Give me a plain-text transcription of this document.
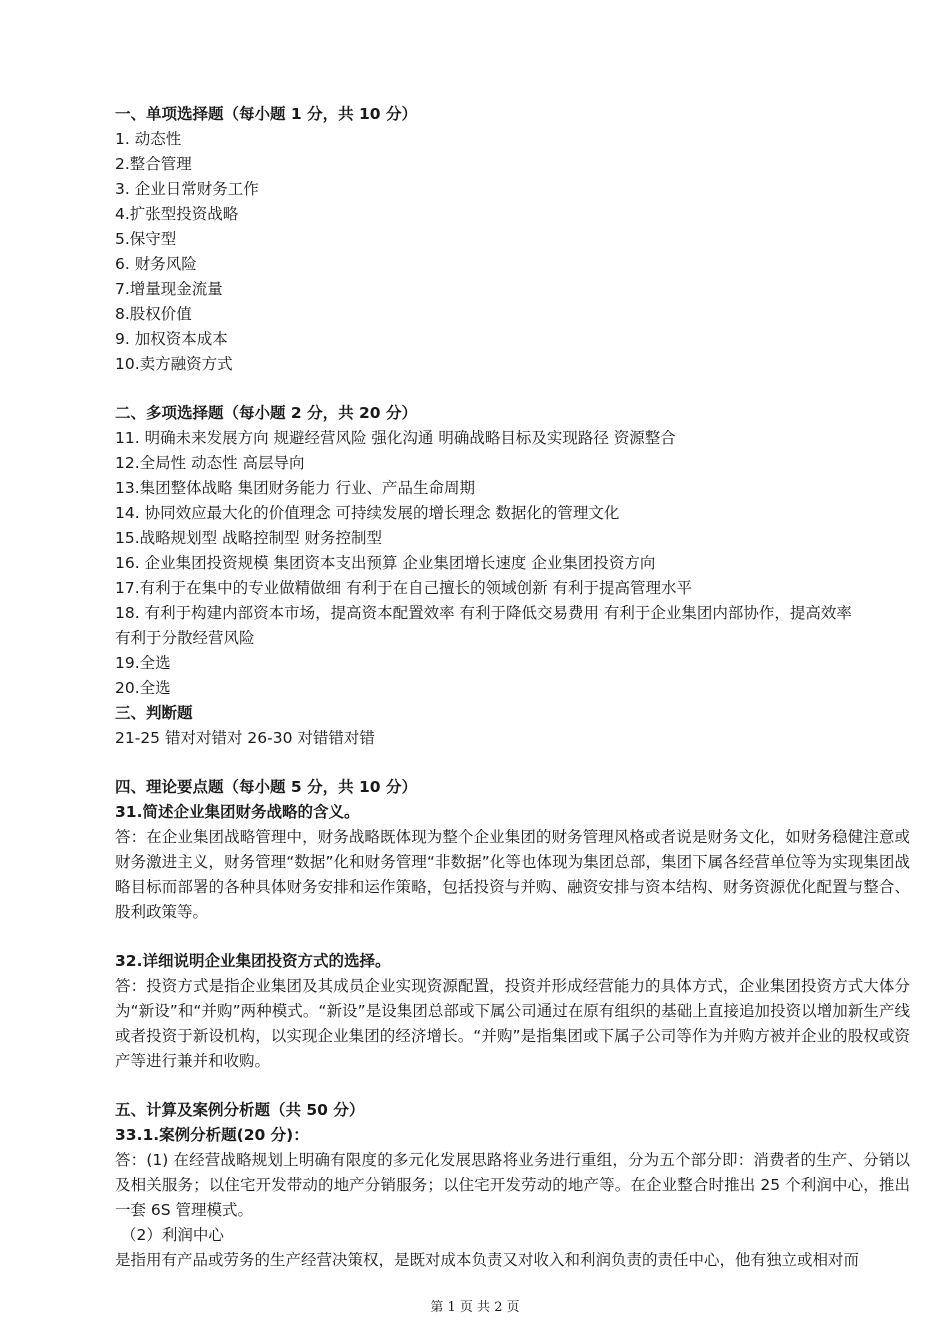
一、单项选择题（每小题 1 分，共 10 分）
1. 动态性
2.整合管理
3. 企业日常财务工作
4.扩张型投资战略
5.保守型
6. 财务风险
7.增量现金流量
8.股权价值
9. 加权资本成本
10.卖方融资方式
二、多项选择题（每小题 2 分，共 20 分）
11. 明确未来发展方向 规避经营风险 强化沟通 明确战略目标及实现路径 资源整合
12.全局性 动态性 高层导向
13.集团整体战略 集团财务能力 行业、产品生命周期
14. 协同效应最大化的价值理念 可持续发展的增长理念 数据化的管理文化
15.战略规划型 战略控制型 财务控制型
16. 企业集团投资规模 集团资本支出预算 企业集团增长速度 企业集团投资方向
17.有利于在集中的专业做精做细 有利于在自己擅长的领域创新 有利于提高管理水平
18. 有利于构建内部资本市场，提高资本配置效率 有利于降低交易费用 有利于企业集团内部协作，提高效率
有利于分散经营风险
19.全选
20.全选
三、判断题
21-25 错对对错对 26-30 对错错对错
四、理论要点题（每小题 5 分，共 10 分）
31.简述企业集团财务战略的含义。
答：在企业集团战略管理中，财务战略既体现为整个企业集团的财务管理风格或者说是财务文化，如财务稳健注意或财务激进主义，财务管理“数据”化和财务管理“非数据”化等也体现为集团总部，集团下属各经营单位等为实现集团战略目标而部署的各种具体财务安排和运作策略，包括投资与并购、融资安排与资本结构、财务资源优化配置与整合、股利政策等。
32.详细说明企业集团投资方式的选择。
答：投资方式是指企业集团及其成员企业实现资源配置，投资并形成经营能力的具体方式，企业集团投资方式大体分为“新设”和“并购”两种模式。“新设”是设集团总部或下属公司通过在原有组织的基础上直接追加投资以增加新生产线或者投资于新设机构，以实现企业集团的经济增长。“并购”是指集团或下属子公司等作为并购方被并企业的股权或资产等进行兼并和收购。
五、计算及案例分析题（共 50 分）
33.1.案例分析题(20 分)：
答：(1) 在经营战略规划上明确有限度的多元化发展思路将业务进行重组，分为五个部分即：消费者的生产、分销以及相关服务；以住宅开发带动的地产分销服务；以住宅开发劳动的地产等。在企业整合时推出 25 个利润中心，推出一套 6S 管理模式。
（2）利润中心
是指用有产品或劳务的生产经营决策权，是既对成本负责又对收入和利润负责的责任中心，他有独立或相对而
第 1 页 共 2 页
